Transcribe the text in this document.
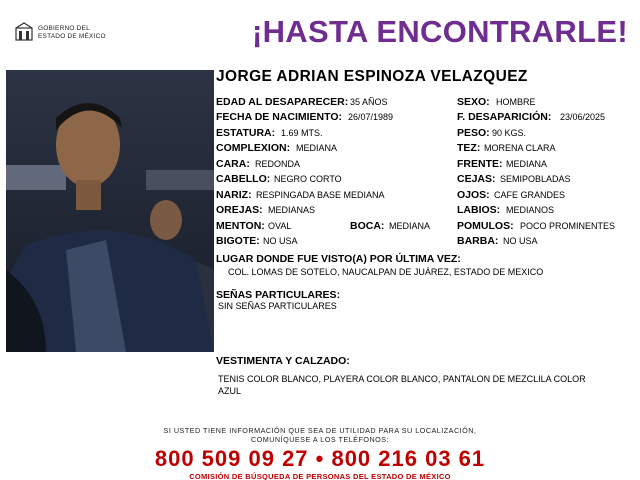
GOBIERNO DEL
ESTADO DE MÉXICO	¡HASTA ENCONTRARLE!
JORGE ADRIAN ESPINOZA VELAZQUEZ
EDAD AL DESAPARECER: 35 AÑOS
FECHA DE NACIMIENTO: 26/07/1989
ESTATURA: 1.69 MTS.
COMPLEXION: MEDIANA
CARA: REDONDA
CABELLO: NEGRO CORTO
NARIZ: RESPINGADA BASE MEDIANA
OREJAS: MEDIANAS
MENTON: OVAL	BOCA: MEDIANA
BIGOTE: NO USA
SEXO: HOMBRE
F. DESAPARICIÓN: 23/06/2025
PESO: 90 KGS.
TEZ: MORENA CLARA
FRENTE: MEDIANA
CEJAS: SEMIPOBLADAS
OJOS: CAFE GRANDES
LABIOS: MEDIANOS
POMULOS: POCO PROMINENTES
BARBA: NO USA
LUGAR DONDE FUE VISTO(A) POR ÚLTIMA VEZ:
COL. LOMAS DE SOTELO, NAUCALPAN DE JUÁREZ, ESTADO DE MEXICO
SEÑAS PARTICULARES:
SIN SEÑAS PARTICULARES
VESTIMENTA Y CALZADO:
TENIS COLOR BLANCO, PLAYERA COLOR BLANCO, PANTALON DE MEZCLILA COLOR
AZUL
SI USTED TIENE INFORMACIÓN QUE SEA DE UTILIDAD PARA SU LOCALIZACIÓN,
COMUNÍQUESE A LOS TELÉFONOS:
800 509 09 27 • 800 216 03 61
COMISIÓN DE BÚSQUEDA DE PERSONAS DEL ESTADO DE MÉXICO
